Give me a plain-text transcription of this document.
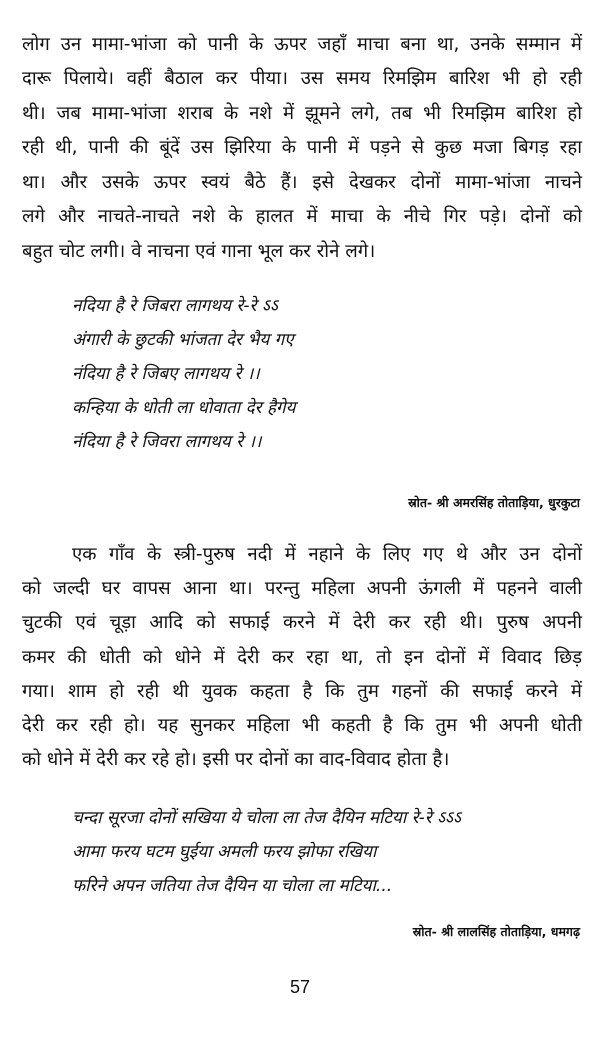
लोग उन मामा-भांजा को पानी के ऊपर जहाँ माचा बना था, उनके सम्मान में
दारू पिलाये। वहीं बैठाल कर पीया। उस समय रिमझिम बारिश भी हो रही
थी। जब मामा-भांजा शराब के नशे में झूमने लगे, तब भी रिमझिम बारिश हो
रही थी, पानी की बूंदें उस झिरिया के पानी में पड़ने से कुछ मजा बिगड़ रहा
था। और उसके ऊपर स्वयं बैठे हैं। इसे देखकर दोनों मामा-भांजा नाचने
लगे और नाचते-नाचते नशे के हालत में माचा के नीचे गिर पड़े। दोनों को
बहुत चोट लगी। वे नाचना एवं गाना भूल कर रोने लगे।
नदिया है रे जिबरा लागथय रे-रे ऽऽ
अंगारी के छुटकी भांजता देर भैय गए
नंदिया है रे जिबए लागथय रे ।।
कन्हिया के धोती ला धोवाता देर हैगेय
नंदिया है रे जिवरा लागथय रे ।।
स्रोत- श्री अमरसिंह तोताड़िया, धुरकुटा
एक गाँव के स्त्री-पुरुष नदी में नहाने के लिए गए थे और उन दोनों
को जल्दी घर वापस आना था। परन्तु महिला अपनी ऊंगली में पहनने वाली
चुटकी एवं चूड़ा आदि को सफाई करने में देरी कर रही थी। पुरुष अपनी
कमर की धोती को धोने में देरी कर रहा था, तो इन दोनों में विवाद छिड़
गया। शाम हो रही थी युवक कहता है कि तुम गहनों की सफाई करने में
देरी कर रही हो। यह सुनकर महिला भी कहती है कि तुम भी अपनी धोती
को धोने में देरी कर रहे हो। इसी पर दोनों का वाद-विवाद होता है।
चन्दा सूरजा दोनों सखिया ये चोला ला तेज दैयिन मटिया रे-रे ऽऽऽ
आमा फरय घटम घुईया अमली फरय झोफा रखिया
फरिने अपन जतिया तेज दैयिन या चोला ला मटिया...
स्रोत- श्री लालसिंह तोताड़िया, धमगढ़
57
